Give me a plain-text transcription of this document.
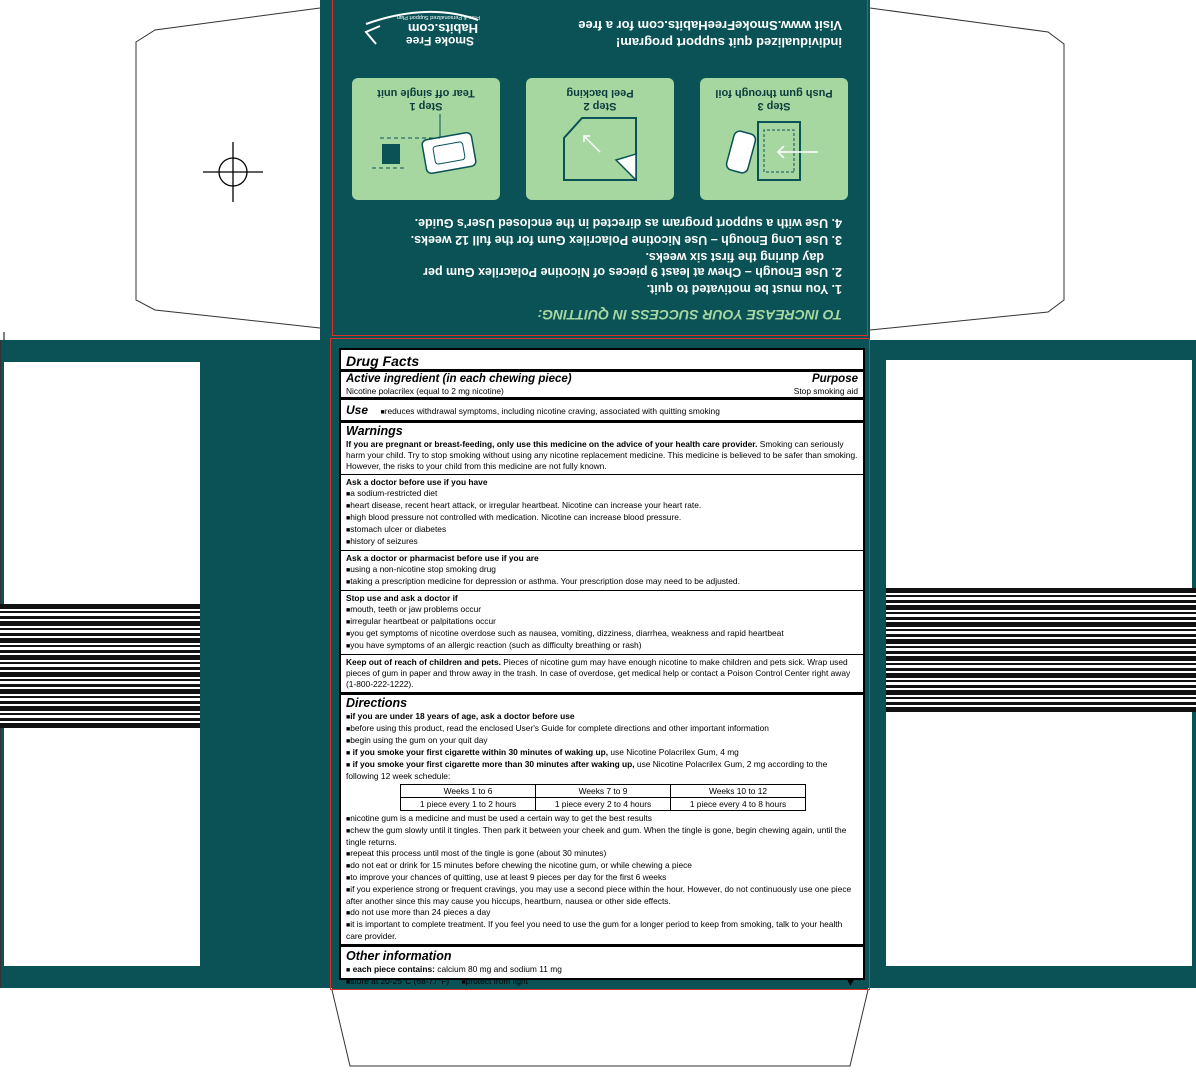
TO INCREASE YOUR SUCCESS IN QUITTING:
1. You must be motivated to quit.
2. Use Enough – Chew at least 9 pieces of Nicotine Polacrilex Gum per
day during the first six weeks.
3. Use Long Enough – Use Nicotine Polacrilex Gum for the full 12 weeks.
4. Use with a support program as directed in the enclosed User's Guide.
Step 3
Push gum through foil
Step 2
Peel backing
Step 1
Tear off single unit
individualized quit support program!
Visit www.SmokeFreeHabits.com for a free
Smoke Free
Habits.com
Free & Personalized Support Plan
Drug Facts
Active ingredient (in each chewing piece)	Purpose
Nicotine polacrilex (equal to 2 mg nicotine)	Stop smoking aid
Use ■ reduces withdrawal symptoms, including nicotine craving, associated with quitting smoking
Warnings
If you are pregnant or breast-feeding, only use this medicine on the advice of your health care provider. Smoking can seriously harm your child. Try to stop smoking without using any nicotine replacement medicine. This medicine is believed to be safer than smoking. However, the risks to your child from this medicine are not fully known.
Ask a doctor before use if you have
■ a sodium-restricted diet
■ heart disease, recent heart attack, or irregular heartbeat. Nicotine can increase your heart rate.
■ high blood pressure not controlled with medication. Nicotine can increase blood pressure.
■ stomach ulcer or diabetes
■ history of seizures
Ask a doctor or pharmacist before use if you are
■ using a non-nicotine stop smoking drug
■ taking a prescription medicine for depression or asthma. Your prescription dose may need to be adjusted.
Stop use and ask a doctor if
■ mouth, teeth or jaw problems occur
■ irregular heartbeat or palpitations occur
■ you get symptoms of nicotine overdose such as nausea, vomiting, dizziness, diarrhea, weakness and rapid heartbeat
■ you have symptoms of an allergic reaction (such as difficulty breathing or rash)
Keep out of reach of children and pets. Pieces of nicotine gum may have enough nicotine to make children and pets sick. Wrap used pieces of gum in paper and throw away in the trash. In case of overdose, get medical help or contact a Poison Control Center right away (1-800-222-1222).
Directions
■ if you are under 18 years of age, ask a doctor before use
■ before using this product, read the enclosed User's Guide for complete directions and other important information
■ begin using the gum on your quit day
■ if you smoke your first cigarette within 30 minutes of waking up, use Nicotine Polacrilex Gum, 4 mg
■ if you smoke your first cigarette more than 30 minutes after waking up, use Nicotine Polacrilex Gum, 2 mg according to the following 12 week schedule:
Weeks 1 to 6	Weeks 7 to 9	Weeks 10 to 12
1 piece every 1 to 2 hours	1 piece every 2 to 4 hours	1 piece every 4 to 8 hours
■ nicotine gum is a medicine and must be used a certain way to get the best results
■ chew the gum slowly until it tingles. Then park it between your cheek and gum. When the tingle is gone, begin chewing again, until the tingle returns.
■ repeat this process until most of the tingle is gone (about 30 minutes)
■ do not eat or drink for 15 minutes before chewing the nicotine gum, or while chewing a piece
■ to improve your chances of quitting, use at least 9 pieces per day for the first 6 weeks
■ if you experience strong or frequent cravings, you may use a second piece within the hour. However, do not continuously use one piece after another since this may cause you hiccups, heartburn, nausea or other side effects.
■ do not use more than 24 pieces a day
■ it is important to complete treatment. If you feel you need to use the gum for a longer period to keep from smoking, talk to your health care provider.
Other information
■ each piece contains: calcium 80 mg and sodium 11 mg
■ store at 20-25°C (68-77°F) ■ protect from light	▼
